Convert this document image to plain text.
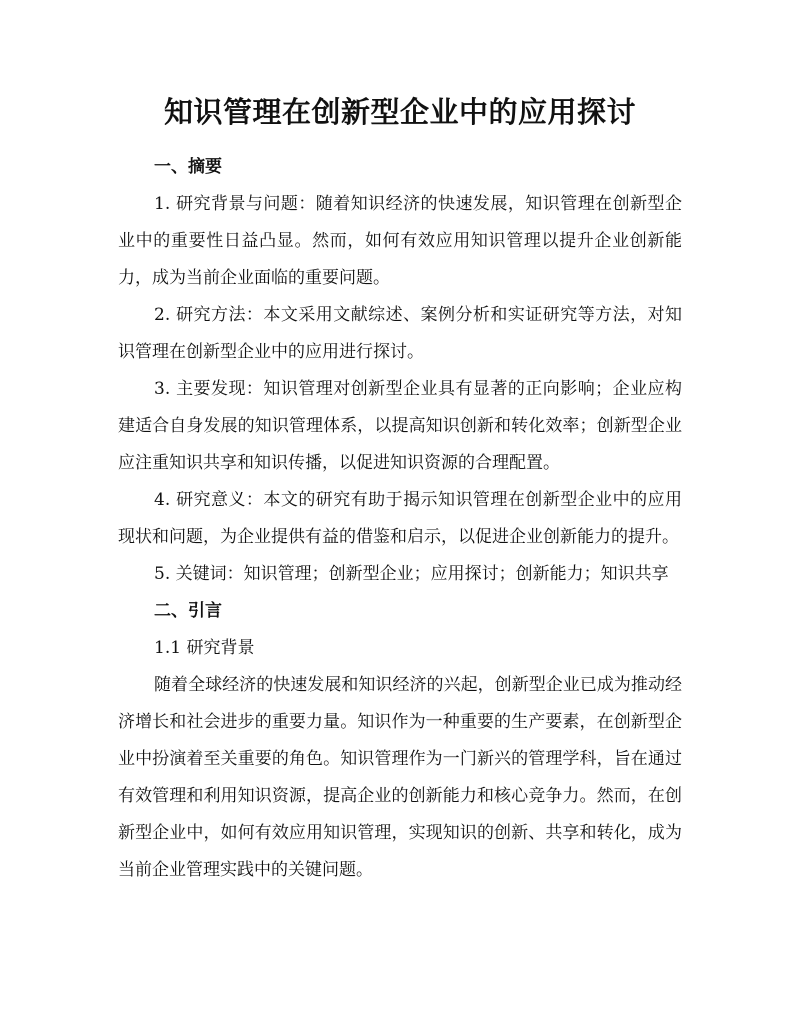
知识管理在创新型企业中的应用探讨
一、摘要

1. 研究背景与问题：随着知识经济的快速发展，知识管理在创新型企业中的重要性日益凸显。然而，如何有效应用知识管理以提升企业创新能力，成为当前企业面临的重要问题。

2. 研究方法：本文采用文献综述、案例分析和实证研究等方法，对知识管理在创新型企业中的应用进行探讨。

3. 主要发现：知识管理对创新型企业具有显著的正向影响；企业应构建适合自身发展的知识管理体系，以提高知识创新和转化效率；创新型企业应注重知识共享和知识传播，以促进知识资源的合理配置。

4. 研究意义：本文的研究有助于揭示知识管理在创新型企业中的应用现状和问题，为企业提供有益的借鉴和启示，以促进企业创新能力的提升。

5. 关键词：知识管理；创新型企业；应用探讨；创新能力；知识共享

二、引言

1.1 研究背景

随着全球经济的快速发展和知识经济的兴起，创新型企业已成为推动经济增长和社会进步的重要力量。知识作为一种重要的生产要素，在创新型企业中扮演着至关重要的角色。知识管理作为一门新兴的管理学科，旨在通过有效管理和利用知识资源，提高企业的创新能力和核心竞争力。然而，在创新型企业中，如何有效应用知识管理，实现知识的创新、共享和转化，成为当前企业管理实践中的关键问题。
